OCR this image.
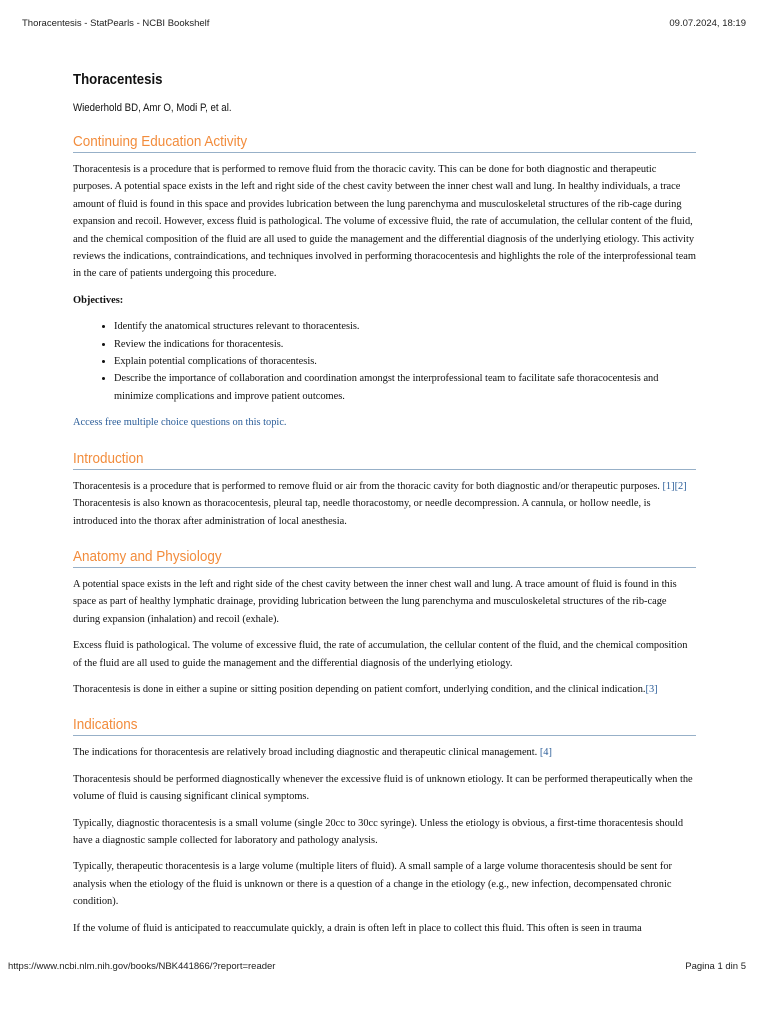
Thoracentesis - StatPearls - NCBI Bookshelf	09.07.2024, 18:19
Thoracentesis

Wiederhold BD, Amr O, Modi P, et al.

Continuing Education Activity

Thoracentesis is a procedure that is performed to remove fluid from the thoracic cavity. This can be done for both diagnostic and therapeutic purposes. A potential space exists in the left and right side of the chest cavity between the inner chest wall and lung. In healthy individuals, a trace amount of fluid is found in this space and provides lubrication between the lung parenchyma and musculoskeletal structures of the rib-cage during expansion and recoil. However, excess fluid is pathological. The volume of excessive fluid, the rate of accumulation, the cellular content of the fluid, and the chemical composition of the fluid are all used to guide the management and the differential diagnosis of the underlying etiology. This activity reviews the indications, contraindications, and techniques involved in performing thoracocentesis and highlights the role of the interprofessional team in the care of patients undergoing this procedure.

Objectives:

• Identify the anatomical structures relevant to thoracentesis.
• Review the indications for thoracentesis.
• Explain potential complications of thoracentesis.
• Describe the importance of collaboration and coordination amongst the interprofessional team to facilitate safe thoracocentesis and minimize complications and improve patient outcomes.

Access free multiple choice questions on this topic.

Introduction

Thoracentesis is a procedure that is performed to remove fluid or air from the thoracic cavity for both diagnostic and/or therapeutic purposes. [1][2] Thoracentesis is also known as thoracocentesis, pleural tap, needle thoracostomy, or needle decompression. A cannula, or hollow needle, is introduced into the thorax after administration of local anesthesia.

Anatomy and Physiology

A potential space exists in the left and right side of the chest cavity between the inner chest wall and lung. A trace amount of fluid is found in this space as part of healthy lymphatic drainage, providing lubrication between the lung parenchyma and musculoskeletal structures of the rib-cage during expansion (inhalation) and recoil (exhale).

Excess fluid is pathological. The volume of excessive fluid, the rate of accumulation, the cellular content of the fluid, and the chemical composition of the fluid are all used to guide the management and the differential diagnosis of the underlying etiology.

Thoracentesis is done in either a supine or sitting position depending on patient comfort, underlying condition, and the clinical indication.[3]

Indications

The indications for thoracentesis are relatively broad including diagnostic and therapeutic clinical management. [4]

Thoracentesis should be performed diagnostically whenever the excessive fluid is of unknown etiology. It can be performed therapeutically when the volume of fluid is causing significant clinical symptoms.

Typically, diagnostic thoracentesis is a small volume (single 20cc to 30cc syringe). Unless the etiology is obvious, a first-time thoracentesis should have a diagnostic sample collected for laboratory and pathology analysis.

Typically, therapeutic thoracentesis is a large volume (multiple liters of fluid). A small sample of a large volume thoracentesis should be sent for analysis when the etiology of the fluid is unknown or there is a question of a change in the etiology (e.g., new infection, decompensated chronic condition).

If the volume of fluid is anticipated to reaccumulate quickly, a drain is often left in place to collect this fluid. This often is seen in trauma

https://www.ncbi.nlm.nih.gov/books/NBK441866/?report=reader	Pagina 1 din 5
